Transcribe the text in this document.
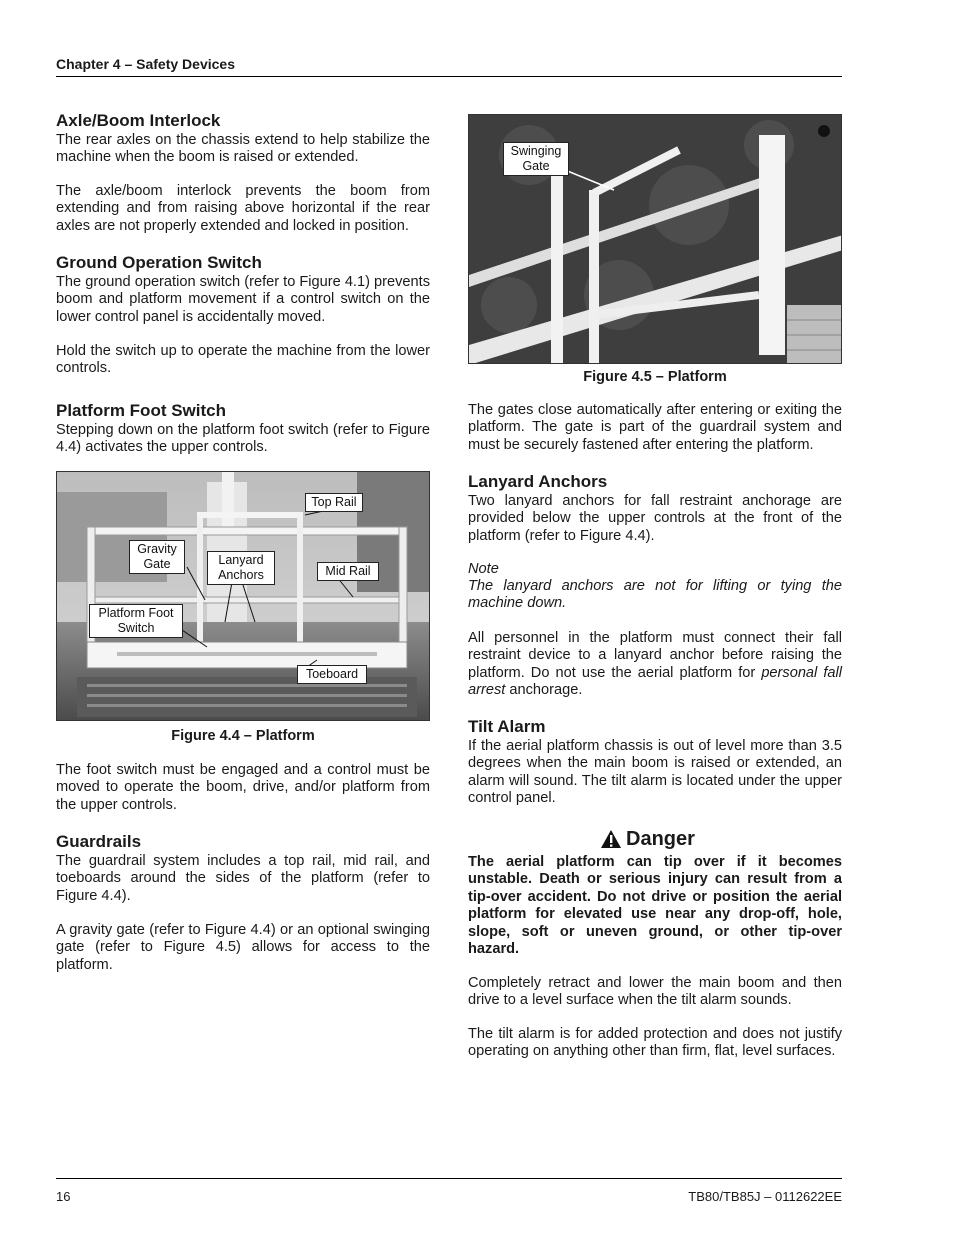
Chapter 4 – Safety Devices
Axle/Boom Interlock

The rear axles on the chassis extend to help stabilize the machine when the boom is raised or extended.

The axle/boom interlock prevents the boom from extending and from raising above horizontal if the rear axles are not properly extended and locked in position.

Ground Operation Switch

The ground operation switch (refer to Figure 4.1) prevents boom and platform movement if a control switch on the lower control panel is accidentally moved.

Hold the switch up to operate the machine from the lower controls.

Platform Foot Switch

Stepping down on the platform foot switch (refer to Figure 4.4) activates the upper controls.

Top Rail
Gravity Gate	Lanyard Anchors	Mid Rail
Platform Foot Switch
Toeboard
Figure 4.4 – Platform

The foot switch must be engaged and a control must be moved to operate the boom, drive, and/or platform from the upper controls.

Guardrails

The guardrail system includes a top rail, mid rail, and toeboards around the sides of the platform (refer to Figure 4.4).

A gravity gate (refer to Figure 4.4) or an optional swinging gate (refer to Figure 4.5) allows for access to the platform.

Swinging Gate
Figure 4.5 – Platform

The gates close automatically after entering or exiting the platform. The gate is part of the guardrail system and must be securely fastened after entering the platform.

Lanyard Anchors

Two lanyard anchors for fall restraint anchorage are provided below the upper controls at the front of the platform (refer to Figure 4.4).

Note

The lanyard anchors are not for lifting or tying the machine down.

All personnel in the platform must connect their fall restraint device to a lanyard anchor before raising the platform. Do not use the aerial platform for personal fall arrest anchorage.

Tilt Alarm

If the aerial platform chassis is out of level more than 3.5 degrees when the main boom is raised or extended, an alarm will sound. The tilt alarm is located under the upper control panel.

Danger

The aerial platform can tip over if it becomes unstable. Death or serious injury can result from a tip-over accident. Do not drive or position the aerial platform for elevated use near any drop-off, hole, slope, soft or uneven ground, or other tip-over hazard.

Completely retract and lower the main boom and then drive to a level surface when the tilt alarm sounds.

The tilt alarm is for added protection and does not justify operating on anything other than firm, flat, level surfaces.

16	TB80/TB85J – 0112622EE
